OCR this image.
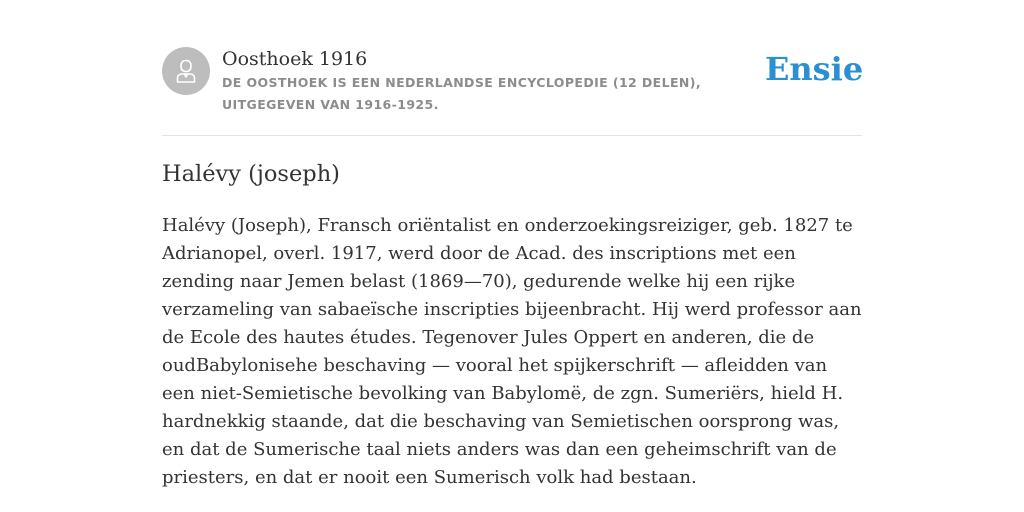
Oosthoek 1916

DE OOSTHOEK IS EEN NEDERLANDSE ENCYCLOPEDIE (12 DELEN), UITGEGEVEN VAN 1916-1925.

Ensie
Halévy (joseph)

Halévy (Joseph), Fransch oriëntalist en onderzoekingsreiziger, geb. 1827 te Adrianopel, overl. 1917, werd door de Acad. des inscriptions met een zending naar Jemen belast (1869—70), gedurende welke hij een rijke verzameling van sabaeïsche inscripties bijeenbracht. Hij werd professor aan de Ecole des hautes études. Tegenover Jules Oppert en anderen, die de oudBabylonisehe beschaving — vooral het spijkerschrift — afleidden van een niet-Semietische bevolking van Babylomë, de zgn. Sumeriërs, hield H. hardnekkig staande, dat die beschaving van Semietischen oorsprong was, en dat de Sumerische taal niets anders was dan een geheimschrift van de priesters, en dat er nooit een Sumerisch volk had bestaan.
